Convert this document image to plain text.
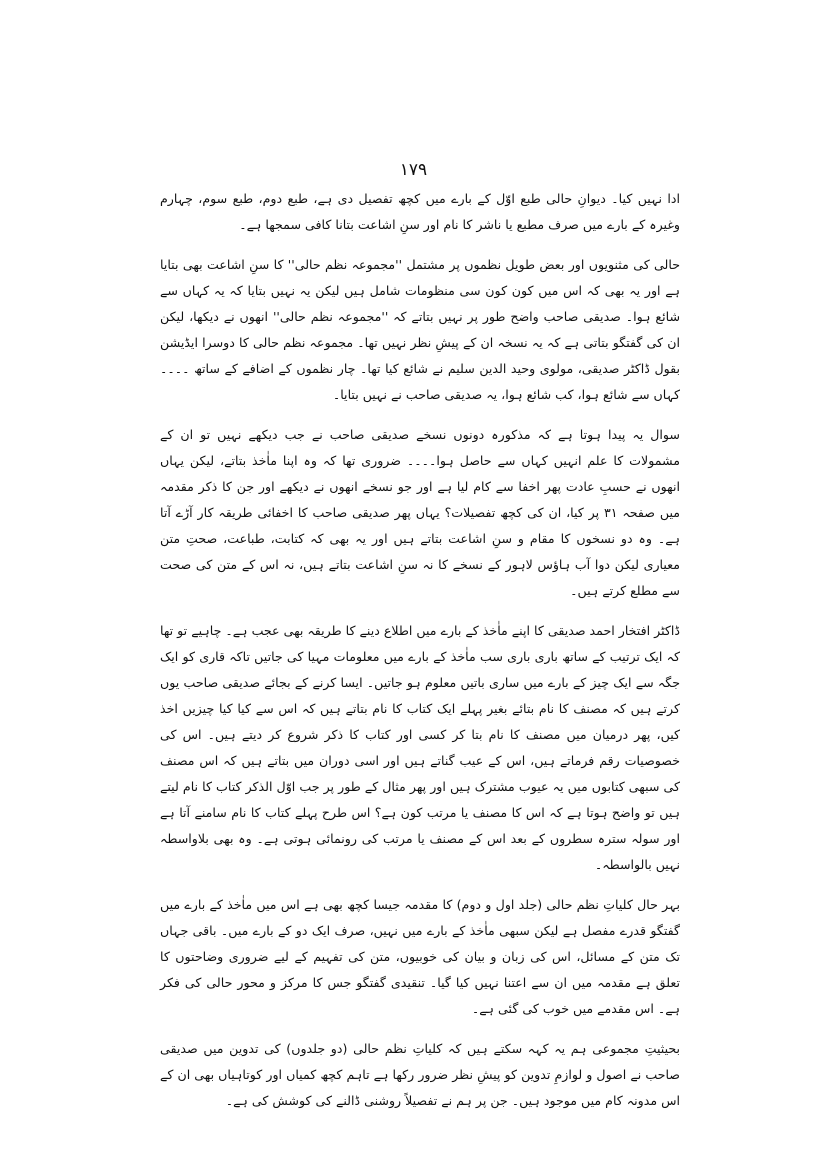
۱۷۹

ادا نہیں کیا۔ دیوانِ حالی طبع اوّل کے بارے میں کچھ تفصیل دی ہے، طبع دوم، طبع سوم، چہارم وغیرہ کے بارے میں صرف مطبع یا ناشر کا نام اور سنِ اشاعت بتانا کافی سمجھا ہے۔

حالی کی مثنویوں اور بعض طویل نظموں پر مشتمل ''مجموعہ نظم حالی'' کا سنِ اشاعت بھی بتایا ہے اور یہ بھی کہ اس میں کون کون سی منظومات شامل ہیں لیکن یہ نہیں بتایا کہ یہ کہاں سے شائع ہوا۔ صدیقی صاحب واضح طور پر نہیں بتاتے کہ ''مجموعہ نظم حالی'' انھوں نے دیکھا، لیکن ان کی گفتگو بتاتی ہے کہ یہ نسخہ ان کے پیشِ نظر نہیں تھا۔ مجموعہ نظم حالی کا دوسرا ایڈیشن بقول ڈاکٹر صدیقی، مولوی وحید الدین سلیم نے شائع کیا تھا۔ چار نظموں کے اضافے کے ساتھ ۔۔۔۔ کہاں سے شائع ہوا، کب شائع ہوا، یہ صدیقی صاحب نے نہیں بتایا۔

سوال یہ پیدا ہوتا ہے کہ مذکورہ دونوں نسخے صدیقی صاحب نے جب دیکھے نہیں تو ان کے مشمولات کا علم انہیں کہاں سے حاصل ہوا۔۔۔۔ ضروری تھا کہ وہ اپنا ماٰخذ بتاتے، لیکن یہاں انھوں نے حسبِ عادت پھر اخفا سے کام لیا ہے اور جو نسخے انھوں نے دیکھے اور جن کا ذکر مقدمہ میں صفحہ ۳۱ پر کیا، ان کی کچھ تفصیلات؟ یہاں پھر صدیقی صاحب کا اخفائی طریقہ کار آڑے آتا ہے۔ وہ دو نسخوں کا مقام و سنِ اشاعت بتاتے ہیں اور یہ بھی کہ کتابت، طباعت، صحتِ متن معیاری لیکن دوا آب ہاؤس لاہور کے نسخے کا نہ سنِ اشاعت بتاتے ہیں، نہ اس کے متن کی صحت سے مطلع کرتے ہیں۔

ڈاکٹر افتخار احمد صدیقی کا اپنے ماٰخذ کے بارے میں اطلاع دینے کا طریقہ بھی عجب ہے۔ چاہیے تو تھا کہ ایک ترتیب کے ساتھ باری باری سب ماٰخذ کے بارے میں معلومات مہیا کی جاتیں تاکہ قاری کو ایک جگہ سے ایک چیز کے بارے میں ساری باتیں معلوم ہو جاتیں۔ ایسا کرنے کے بجائے صدیقی صاحب یوں کرتے ہیں کہ مصنف کا نام بتائے بغیر پہلے ایک کتاب کا نام بتاتے ہیں کہ اس سے کیا کیا چیزیں اخذ کیں، پھر درمیان میں مصنف کا نام بتا کر کسی اور کتاب کا ذکر شروع کر دیتے ہیں۔ اس کی خصوصیات رقم فرماتے ہیں، اس کے عیب گناتے ہیں اور اسی دوران میں بتاتے ہیں کہ اس مصنف کی سبھی کتابوں میں یہ عیوب مشترک ہیں اور پھر مثال کے طور پر جب اوّل الذکر کتاب کا نام لیتے ہیں تو واضح ہوتا ہے کہ اس کا مصنف یا مرتب کون ہے؟ اس طرح پہلے کتاب کا نام سامنے آتا ہے اور سولہ سترہ سطروں کے بعد اس کے مصنف یا مرتب کی رونمائی ہوتی ہے۔ وہ بھی بلاواسطہ نہیں بالواسطہ۔

بہر حال کلیاتِ نظم حالی (جلد اول و دوم) کا مقدمہ جیسا کچھ بھی ہے اس میں ماٰخذ کے بارے میں گفتگو قدرے مفصل ہے لیکن سبھی ماٰخذ کے بارے میں نہیں، صرف ایک دو کے بارے میں۔ باقی جہاں تک متن کے مسائل، اس کی زبان و بیان کی خوبیوں، متن کی تفہیم کے لیے ضروری وضاحتوں کا تعلق ہے مقدمہ میں ان سے اعتنا نہیں کیا گیا۔ تنقیدی گفتگو جس کا مرکز و محور حالی کی فکر ہے۔ اس مقدمے میں خوب کی گئی ہے۔

بحیثیتِ مجموعی ہم یہ کہہ سکتے ہیں کہ کلیاتِ نظم حالی (دو جلدوں) کی تدوین میں صدیقی صاحب نے اصول و لوازمِ تدوین کو پیشِ نظر ضرور رکھا ہے تاہم کچھ کمیاں اور کوتاہیاں بھی ان کے اس مدونہ کام میں موجود ہیں۔ جن پر ہم نے تفصیلاً روشنی ڈالنے کی کوشش کی ہے۔
